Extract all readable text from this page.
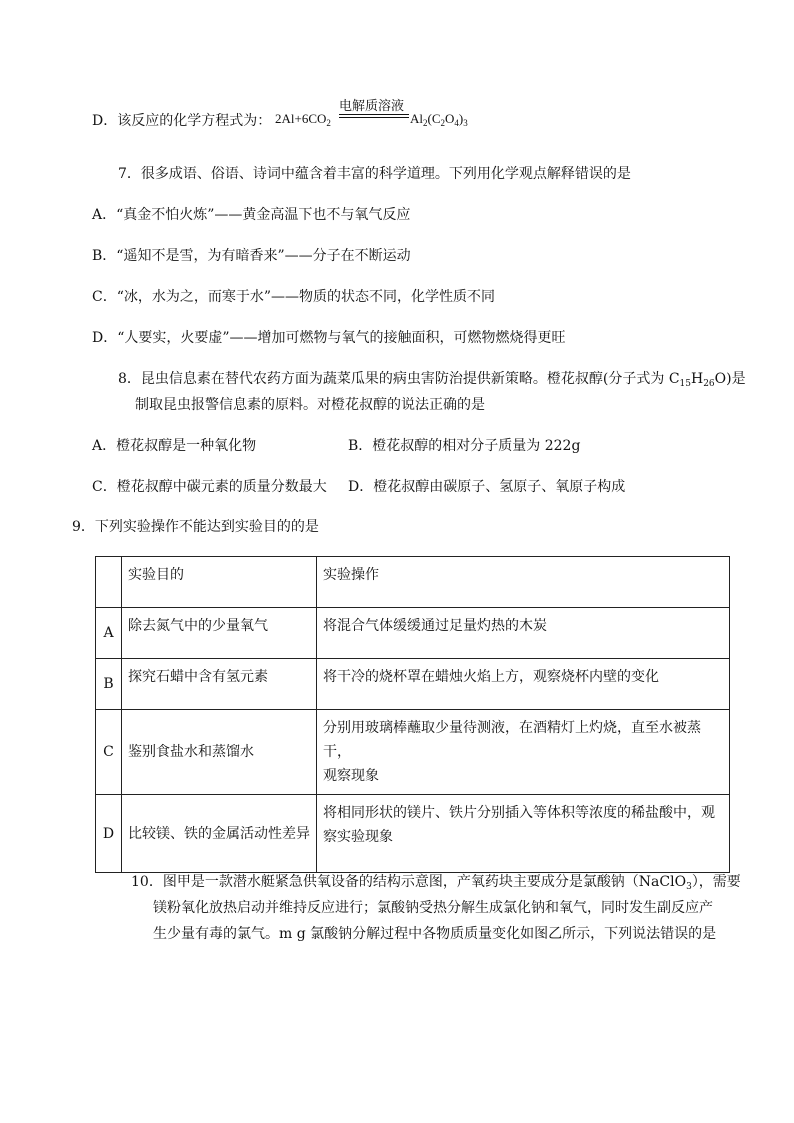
D．该反应的化学方程式为： $2Al+6CO_2$
电解质溶液
$Al_2(C_2O_4)_3$
7．很多成语、俗语、诗词中蕴含着丰富的科学道理。下列用化学观点解释错误的是
A．“真金不怕火炼”——黄金高温下也不与氧气反应
B．“遥知不是雪，为有暗香来”——分子在不断运动
C．“冰，水为之，而寒于水”——物质的状态不同，化学性质不同
D．“人要实，火要虚”——增加可燃物与氧气的接触面积，可燃物燃烧得更旺
8．昆虫信息素在替代农药方面为蔬菜瓜果的病虫害防治提供新策略。橙花叔醇(分子式为 $C_{15}H_{26}O$)是
制取昆虫报警信息素的原料。对橙花叔醇的说法正确的是
A．橙花叔醇是一种氧化物	B．橙花叔醇的相对分子质量为 222g
C．橙花叔醇中碳元素的质量分数最大 D．橙花叔醇由碳原子、氢原子、氧原子构成
9．下列实验操作不能达到实验目的的是
	实验目的	实验操作
A	除去氮气中的少量氧气	将混合气体缓缓通过足量灼热的木炭
B	探究石蜡中含有氢元素	将干冷的烧杯罩在蜡烛火焰上方，观察烧杯内壁的变化
C	鉴别食盐水和蒸馏水	分别用玻璃棒蘸取少量待测液，在酒精灯上灼烧，直至水被蒸干，
观察现象

D	比较镁、铁的金属活动性差异	将相同形状的镁片、铁片分别插入等体积等浓度的稀盐酸中，观
察实验现象
10．图甲是一款潜水艇紧急供氧设备的结构示意图，产氧药块主要成分是氯酸钠（NaClO$_3$），需要
镁粉氧化放热启动并维持反应进行；氯酸钠受热分解生成氯化钠和氧气，同时发生副反应产
生少量有毒的氯气。m g 氯酸钠分解过程中各物质质量变化如图乙所示，下列说法错误的是
